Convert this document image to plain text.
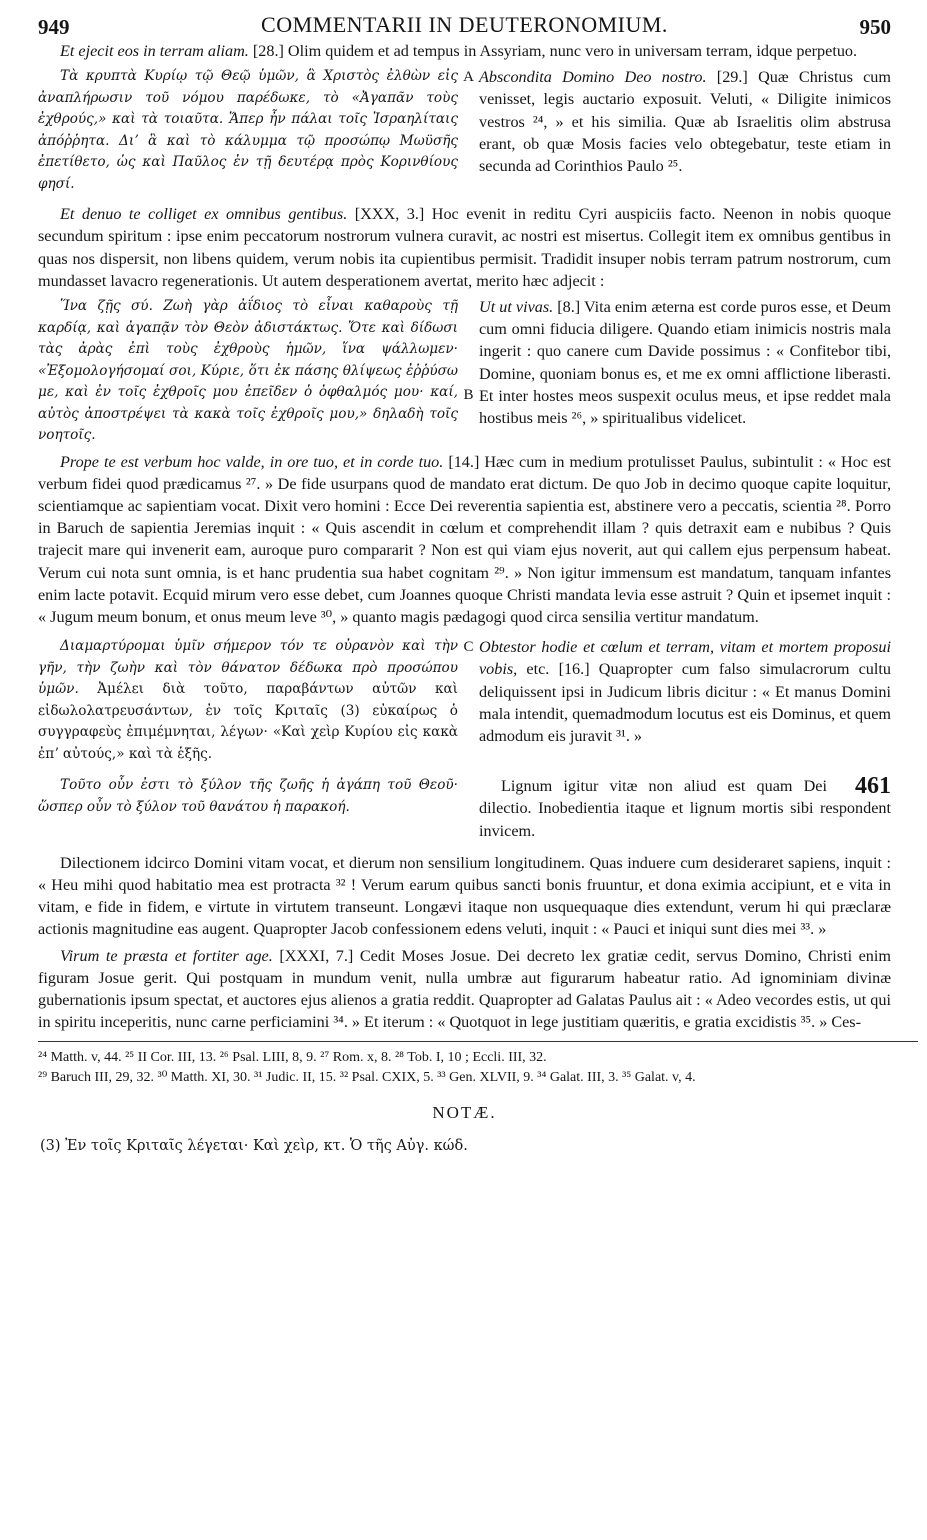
949	COMMENTARII IN DEUTERONOMIUM.	950

Et ejecit eos in terram aliam. [28.] Olim quidem et ad tempus in Assyriam, nunc vero in universam terram, idque perpetuo.

Τὰ κρυπτὰ Κυρίῳ τῷ Θεῷ ὑμῶν, ἃ Χριστὸς ἐλθὼν εἰς ἀναπλήρωσιν τοῦ νόμου παρέδωκε, τὸ «Ἀγαπᾶν τοὺς ἐχθρούς,» καὶ τὰ τοιαῦτα. Ἅπερ ἦν πάλαι τοῖς Ἰσραηλίταις ἀπόῤῥητα. Διʼ ἃ καὶ τὸ κάλυμμα τῷ προσώπῳ Μωϋσῆς ἐπετίθετο, ὡς καὶ Παῦλος ἐν τῇ δευτέρᾳ πρὸς Κορινθίους φησί.

A Abscondita Domino Deo nostro. [29.] Quæ Christus cum venisset, legis auctario exposuit. Veluti, « Diligite inimicos vestros ²⁴, » et his similia. Quæ ab Israelitis olim abstrusa erant, ob quæ Mosis facies velo obtegebatur, teste etiam in secunda ad Corinthios Paulo ²⁵.

Et denuo te colliget ex omnibus gentibus. [XXX, 3.] Hoc evenit in reditu Cyri auspiciis facto. Neenon in nobis quoque secundum spiritum : ipse enim peccatorum nostrorum vulnera curavit, ac nostri est misertus. Collegit item ex omnibus gentibus in quas nos dispersit, non libens quidem, verum nobis ita cupientibus permisit. Tradidit insuper nobis terram patrum nostrorum, cum mundasset lavacro regenerationis. Ut autem desperationem avertat, merito hæc adjecit :

Ἵνα ζῇς σύ. Ζωὴ γὰρ ἀΐδιος τὸ εἶναι καθαροὺς τῇ καρδίᾳ, καὶ ἀγαπᾷν τὸν Θεὸν ἀδιστάκτως. Ὅτε καὶ δίδωσι τὰς ἀρὰς ἐπὶ τοὺς ἐχθροὺς ἡμῶν, ἵνα ψάλλωμεν· «Ἐξομολογήσομαί σοι, Κύριε, ὅτι ἐκ πάσης θλίψεως ἐῤῥύσω με, καὶ ἐν τοῖς ἐχθροῖς μου ἐπεῖδεν ὁ ὀφθαλμός μου· καί, αὐτὸς ἀποστρέψει τὰ κακὰ τοῖς ἐχθροῖς μου,» δηλαδὴ τοῖς νοητοῖς.

B

Ut ut vivas. [8.] Vita enim æterna est corde puros esse, et Deum cum omni fiducia diligere. Quando etiam inimicis nostris mala ingerit : quo canere cum Davide possimus : « Confitebor tibi, Domine, quoniam bonus es, et me ex omni afflictione liberasti. Et inter hostes meos suspexit oculus meus, et ipse reddet mala hostibus meis ²⁶, » spiritualibus videlicet.

Prope te est verbum hoc valde, in ore tuo, et in corde tuo. [14.] Hæc cum in medium protulisset Paulus, subintulit : « Hoc est verbum fidei quod prædicamus ²⁷. » De fide usurpans quod de mandato erat dictum. De quo Job in decimo quoque capite loquitur, scientiamque ac sapientiam vocat. Dixit vero homini : Ecce Dei reverentia sapientia est, abstinere vero a peccatis, scientia ²⁸. Porro in Baruch de sapientia Jeremias inquit : « Quis ascendit in cœlum et comprehendit illam ? quis detraxit eam e nubibus ? Quis trajecit mare qui invenerit eam, auroque puro compararit ? Non est qui viam ejus noverit, aut qui callem ejus perpensum habeat. Verum cui nota sunt omnia, is et hanc prudentia sua habet cognitam ²⁹. » Non igitur immensum est mandatum, tanquam infantes enim lacte potavit. Ecquid mirum vero esse debet, cum Joannes quoque Christi mandata levia esse astruit ? Quin et ipsemet inquit : « Jugum meum bonum, et onus meum leve ³⁰, » quanto magis pædagogi quod circa sensilia vertitur mandatum.

Διαμαρτύρομαι ὑμῖν σήμερον τόν τε οὐρανὸν καὶ τὴν γῆν, τὴν ζωὴν καὶ τὸν θάνατον δέδωκα πρὸ προσώπου ὑμῶν. Ἀμέλει διὰ τοῦτο, παραβάντων αὐτῶν καὶ εἰδωλολατρευσάντων, ἐν τοῖς Κριταῖς (3) εὐκαίρως ὁ συγγραφεὺς ἐπιμέμνηται, λέγων· «Καὶ χεὶρ Κυρίου εἰς κακὰ ἐπʼ αὐτούς,» καὶ τὰ ἑξῆς.

C Obtestor hodie et cœlum et terram, vitam et mortem proposui vobis, etc. [16.] Quapropter cum falso simulacrorum cultu deliquissent ipsi in Judicum libris dicitur : « Et manus Domini mala intendit, quemadmodum locutus est eis Dominus, et quem admodum eis juravit ³¹. »

Τοῦτο οὖν ἐστι τὸ ξύλον τῆς ζωῆς ἡ ἀγάπη τοῦ Θεοῦ· ὥσπερ οὖν τὸ ξύλον τοῦ θανάτου ἡ παρακοή.

461
Lignum igitur vitæ non aliud est quam Dei dilectio. Inobedientia itaque et lignum mortis sibi respondent invicem.

Dilectionem idcirco Domini vitam vocat, et dierum non sensilium longitudinem. Quas induere cum desideraret sapiens, inquit : « Heu mihi quod habitatio mea est protracta ³² ! Verum earum quibus sancti bonis fruuntur, et dona eximia accipiunt, et e vita in vitam, e fide in fidem, e virtute in virtutem transeunt. Longævi itaque non usquequaque dies extendunt, verum hi qui præclaræ actionis magnitudine eas augent. Quapropter Jacob confessionem edens veluti, inquit : « Pauci et iniqui sunt dies mei ³³. »

Virum te præsta et fortiter age. [XXXI, 7.] Cedit Moses Josue. Dei decreto lex gratiæ cedit, servus Domino, Christi enim figuram Josue gerit. Qui postquam in mundum venit, nulla umbræ aut figurarum habeatur ratio. Ad ignominiam divinæ gubernationis ipsum spectat, et auctores ejus alienos a gratia reddit. Quapropter ad Galatas Paulus ait : « Adeo vecordes estis, ut qui in spiritu inceperitis, nunc carne perficiamini ³⁴. » Et iterum : « Quotquot in lege justitiam quæritis, e gratia excidistis ³⁵. » Ces-

²⁴ Matth. v, 44. ²⁵ II Cor. III, 13. ²⁶ Psal. LIII, 8, 9. ²⁷ Rom. x, 8. ²⁸ Tob. I, 10 ; Eccli. III, 32.
²⁹ Baruch III, 29, 32. ³⁰ Matth. XI, 30. ³¹ Judic. II, 15. ³² Psal. CXIX, 5. ³³ Gen. XLVII, 9. ³⁴ Galat. III, 3. ³⁵ Galat. v, 4.
NOTÆ.
(3) Ἐν τοῖς Κριταῖς λέγεται· Καὶ χεὶρ, κτ. Ὁ τῆς Αὐγ. κώδ.
